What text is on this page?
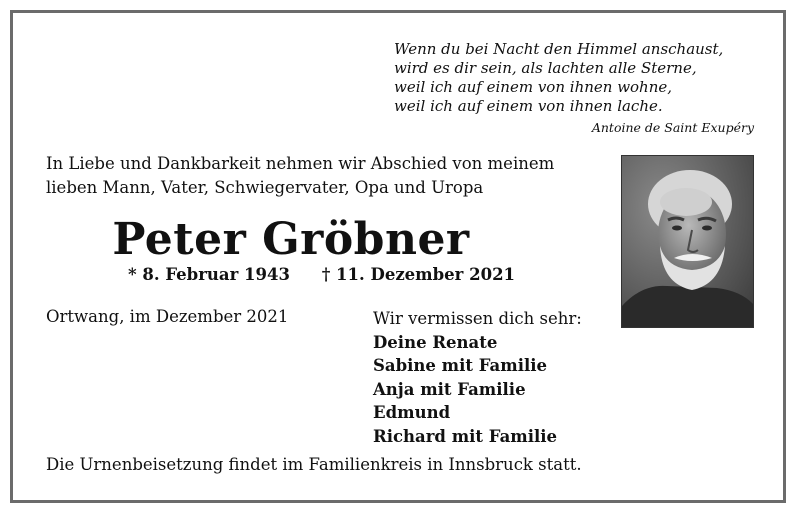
Wenn du bei Nacht den Himmel anschaust,
wird es dir sein, als lachten alle Sterne,
weil ich auf einem von ihnen wohne,
weil ich auf einem von ihnen lache.
Antoine de Saint Exupéry
In Liebe und Dankbarkeit nehmen wir Abschied von meinem
lieben Mann, Vater, Schwiegervater, Opa und Uropa
Peter Gröbner
* 8. Februar 1943 † 11. Dezember 2021
Ortwang, im Dezember 2021	Wir vermissen dich sehr:
Deine Renate
Sabine mit Familie
Anja mit Familie
Edmund
Richard mit Familie
Die Urnenbeisetzung findet im Familienkreis in Innsbruck statt.
